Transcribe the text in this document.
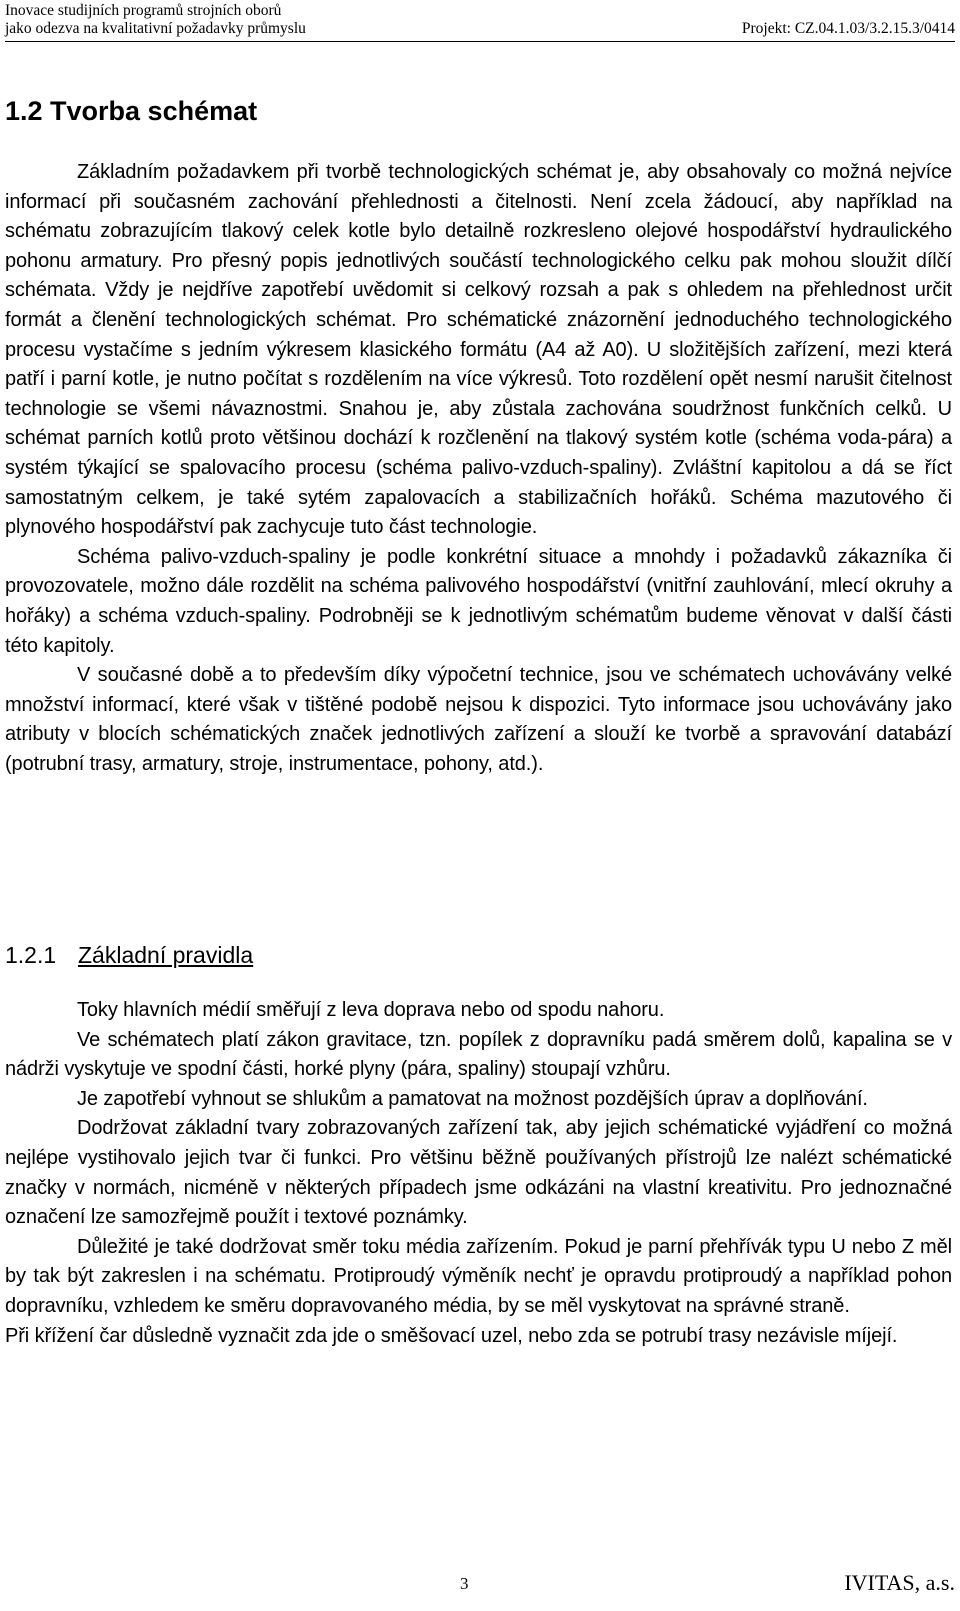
Inovace studijních programů strojních oborů
jako odezva na kvalitativní požadavky průmyslu	Projekt: CZ.04.1.03/3.2.15.3/0414
1.2 Tvorba schémat

Základním požadavkem při tvorbě technologických schémat je, aby obsahovaly co možná nejvíce informací při současném zachování přehlednosti a čitelnosti. Není zcela žádoucí, aby například na schématu zobrazujícím tlakový celek kotle bylo detailně rozkresleno olejové hospodářství hydraulického pohonu armatury. Pro přesný popis jednotlivých součástí technologického celku pak mohou sloužit dílčí schémata. Vždy je nejdříve zapotřebí uvědomit si celkový rozsah a pak s ohledem na přehlednost určit formát a členění technologických schémat. Pro schématické znázornění jednoduchého technologického procesu vystačíme s jedním výkresem klasického formátu (A4 až A0). U složitějších zařízení, mezi která patří i parní kotle, je nutno počítat s rozdělením na více výkresů. Toto rozdělení opět nesmí narušit čitelnost technologie se všemi návaznostmi. Snahou je, aby zůstala zachována soudržnost funkčních celků. U schémat parních kotlů proto většinou dochází k rozčlenění na tlakový systém kotle (schéma voda-pára) a systém týkající se spalovacího procesu (schéma palivo-vzduch-spaliny). Zvláštní kapitolou a dá se říct samostatným celkem, je také sytém zapalovacích a stabilizačních hořáků. Schéma mazutového či plynového hospodářství pak zachycuje tuto část technologie.

Schéma palivo-vzduch-spaliny je podle konkrétní situace a mnohdy i požadavků zákazníka či provozovatele, možno dále rozdělit na schéma palivového hospodářství (vnitřní zauhlování, mlecí okruhy a hořáky) a schéma vzduch-spaliny. Podrobněji se k jednotlivým schématům budeme věnovat v další části této kapitoly.

V současné době a to především díky výpočetní technice, jsou ve schématech uchovávány velké množství informací, které však v tištěné podobě nejsou k dispozici. Tyto informace jsou uchovávány jako atributy v blocích schématických značek jednotlivých zařízení a slouží ke tvorbě a spravování databází (potrubní trasy, armatury, stroje, instrumentace, pohony, atd.).

1.2.1 Základní pravidla

Toky hlavních médií směřují z leva doprava nebo od spodu nahoru.

Ve schématech platí zákon gravitace, tzn. popílek z dopravníku padá směrem dolů, kapalina se v nádrži vyskytuje ve spodní části, horké plyny (pára, spaliny) stoupají vzhůru.

Je zapotřebí vyhnout se shlukům a pamatovat na možnost pozdějších úprav a doplňování.

Dodržovat základní tvary zobrazovaných zařízení tak, aby jejich schématické vyjádření co možná nejlépe vystihovalo jejich tvar či funkci. Pro většinu běžně používaných přístrojů lze nalézt schématické značky v normách, nicméně v některých případech jsme odkázáni na vlastní kreativitu. Pro jednoznačné označení lze samozřejmě použít i textové poznámky.

Důležité je také dodržovat směr toku média zařízením. Pokud je parní přehřívák typu U nebo Z měl by tak být zakreslen i na schématu. Protiproudý výměník nechť je opravdu protiproudý a například pohon dopravníku, vzhledem ke směru dopravovaného média, by se měl vyskytovat na správné straně.

Při křížení čar důsledně vyznačit zda jde o směšovací uzel, nebo zda se potrubí trasy nezávisle míjejí.

3	IVITAS, a.s.
